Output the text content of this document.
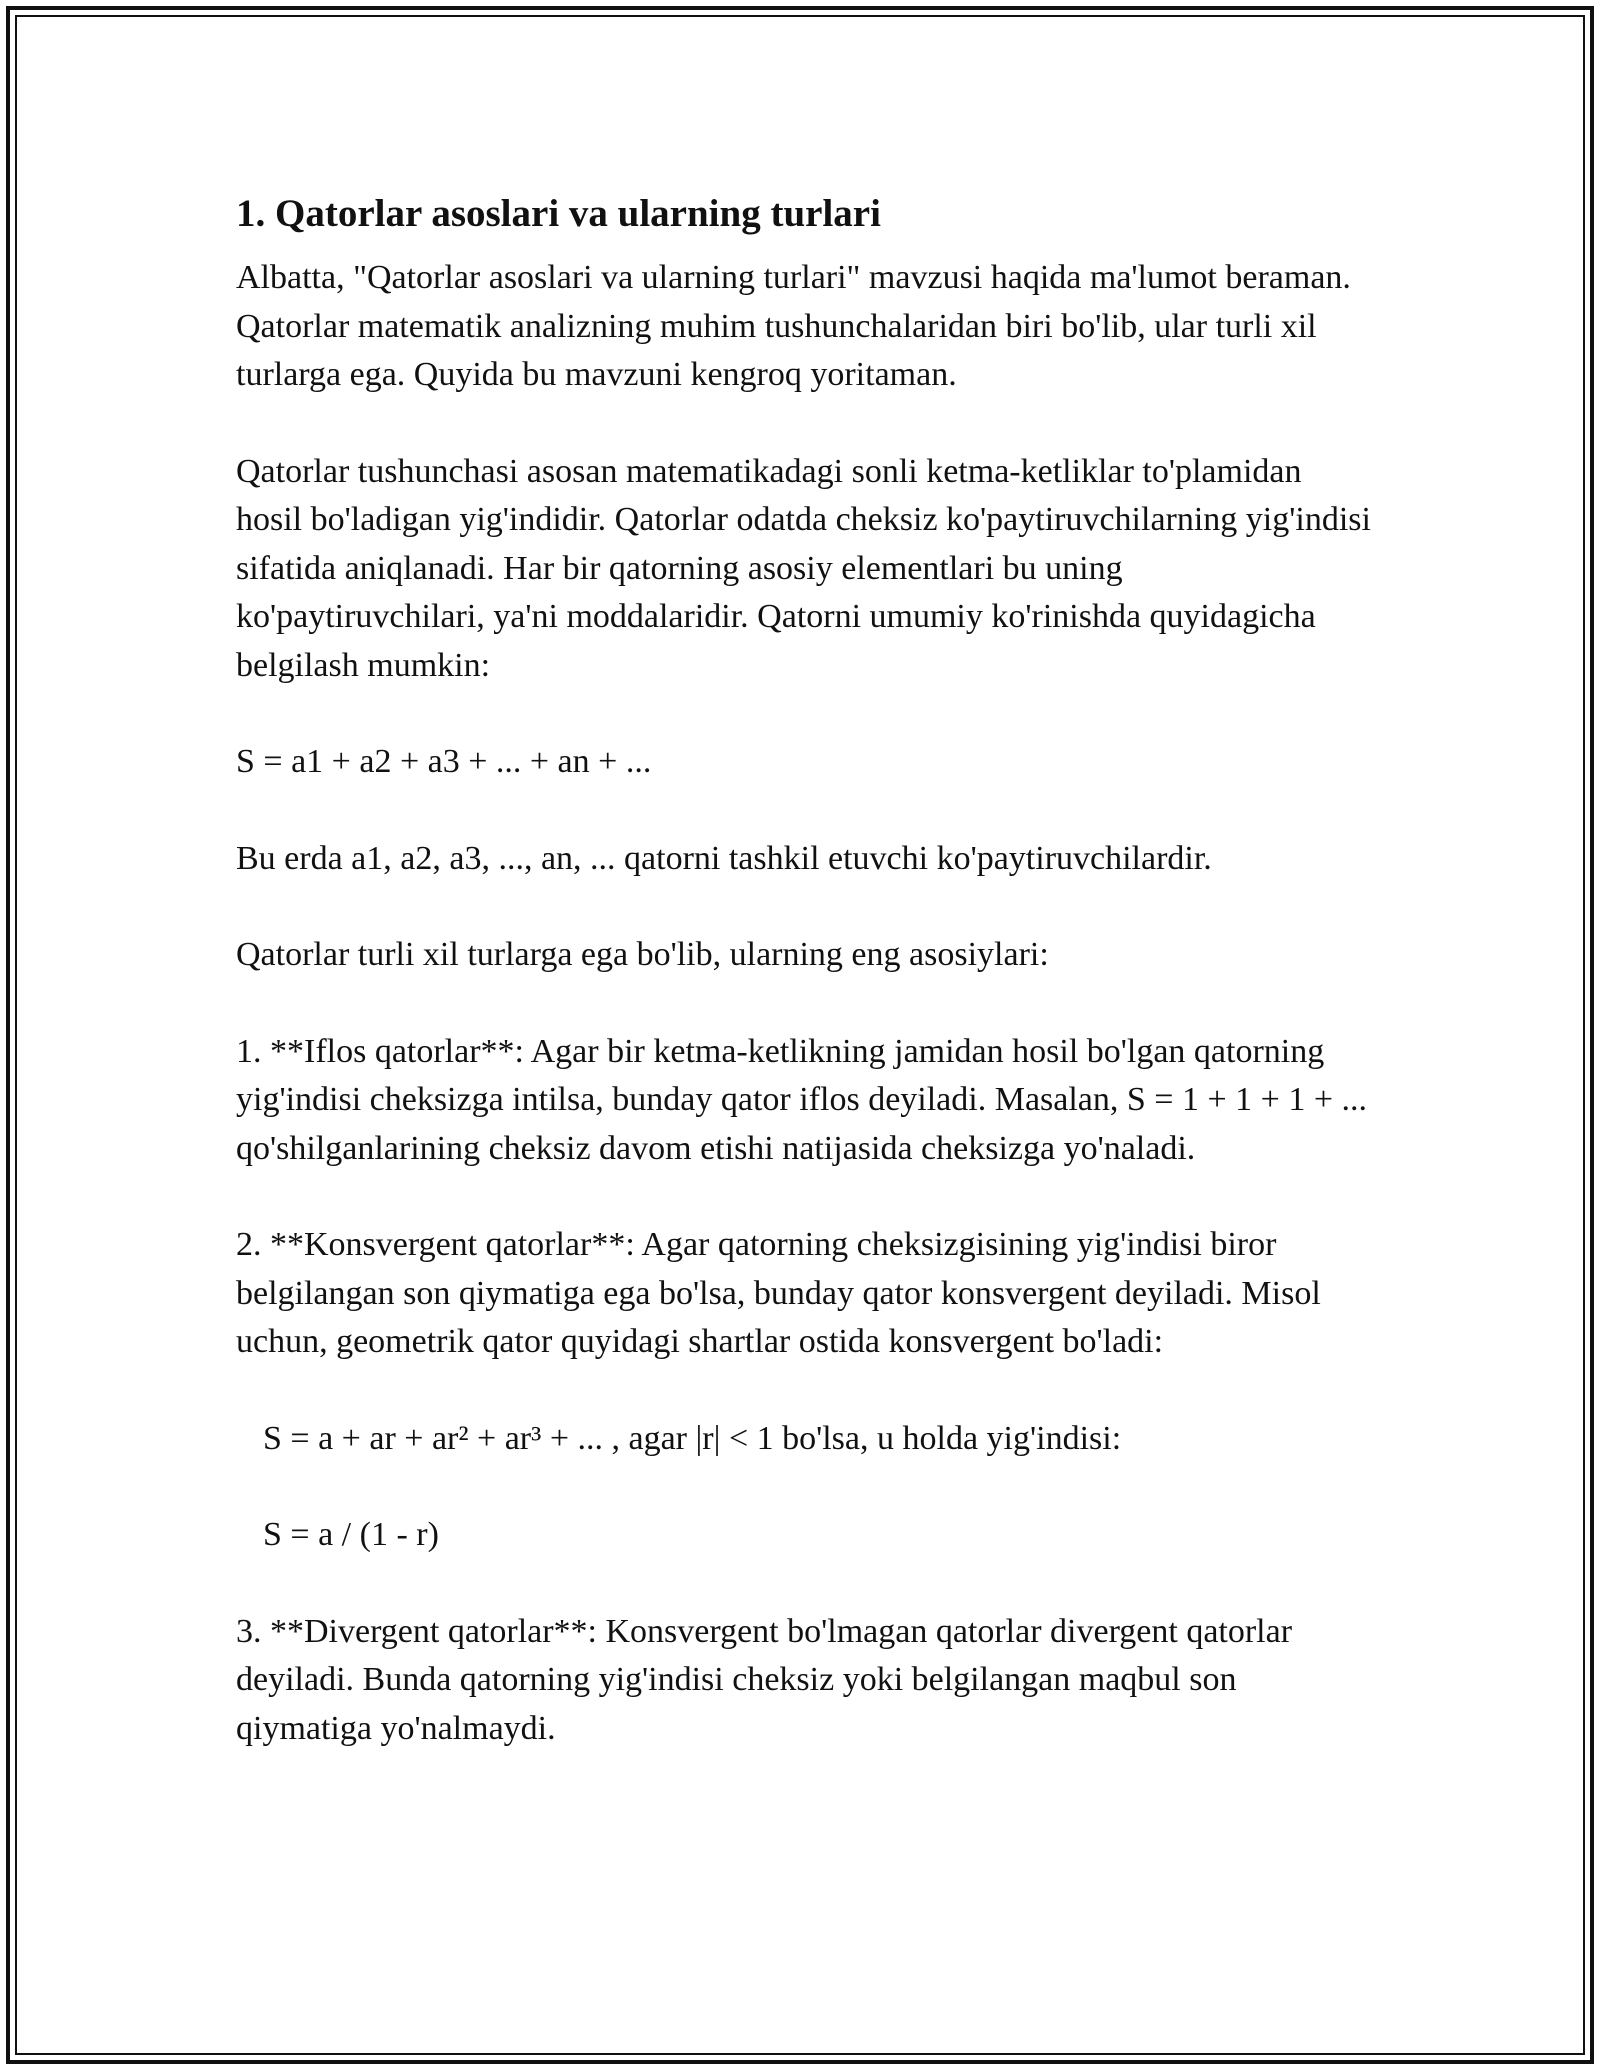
1. Qatorlar asoslari va ularning turlari

Albatta, "Qatorlar asoslari va ularning turlari" mavzusi haqida ma'lumot beraman. Qatorlar matematik analizning muhim tushunchalaridan biri bo'lib, ular turli xil turlarga ega. Quyida bu mavzuni kengroq yoritaman.

Qatorlar tushunchasi asosan matematikadagi sonli ketma-ketliklar to'plamidan hosil bo'ladigan yig'indidir. Qatorlar odatda cheksiz ko'paytiruvchilarning yig'indisi sifatida aniqlanadi. Har bir qatorning asosiy elementlari bu uning ko'paytiruvchilari, ya'ni moddalaridir. Qatorni umumiy ko'rinishda quyidagicha belgilash mumkin:

S = a1 + a2 + a3 + ... + an + ...

Bu erda a1, a2, a3, ..., an, ... qatorni tashkil etuvchi ko'paytiruvchilardir.

Qatorlar turli xil turlarga ega bo'lib, ularning eng asosiylari:

1. **Iflos qatorlar**: Agar bir ketma-ketlikning jamidan hosil bo'lgan qatorning yig'indisi cheksizga intilsa, bunday qator iflos deyiladi. Masalan, S = 1 + 1 + 1 + ... qo'shilganlarining cheksiz davom etishi natijasida cheksizga yo'naladi.

2. **Konsvergent qatorlar**: Agar qatorning cheksizgisining yig'indisi biror belgilangan son qiymatiga ega bo'lsa, bunday qator konsvergent deyiladi. Misol uchun, geometrik qator quyidagi shartlar ostida konsvergent bo'ladi:

S = a + ar + ar² + ar³ + ... , agar |r| < 1 bo'lsa, u holda yig'indisi:

S = a / (1 - r)

3. **Divergent qatorlar**: Konsvergent bo'lmagan qatorlar divergent qatorlar deyiladi. Bunda qatorning yig'indisi cheksiz yoki belgilangan maqbul son qiymatiga yo'nalmaydi.
